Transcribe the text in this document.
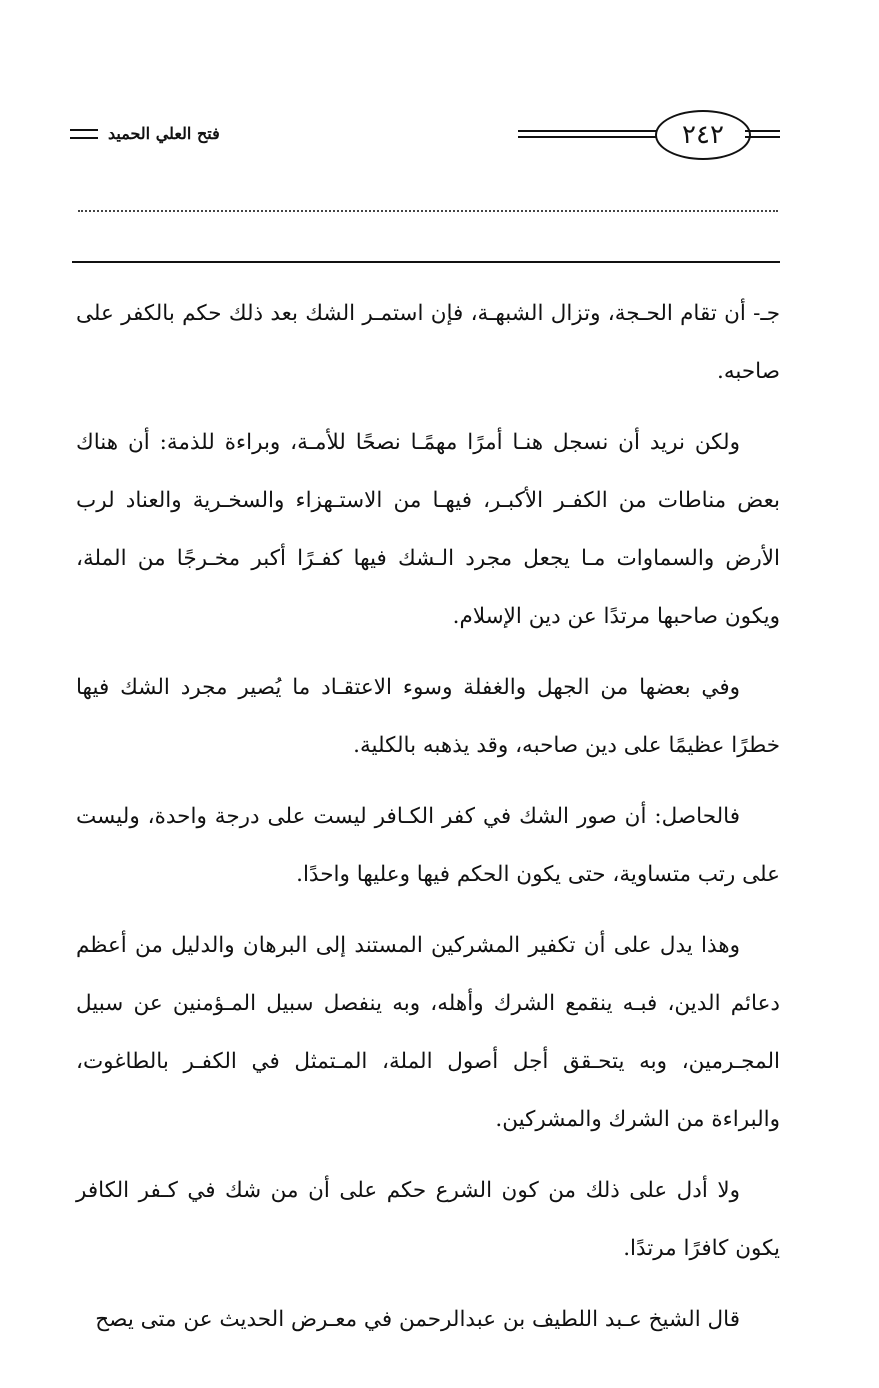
فتح العلي الحميد	٢٤٢

جـ- أن تقام الحـجة، وتزال الشبهـة، فإن استمـر الشك بعد ذلك حكم بالكفر على صاحبه.

ولكن نريد أن نسجل هنـا أمرًا مهمًـا نصحًا للأمـة، وبراءة للذمة: أن هناك بعض مناطات من الكفـر الأكبـر، فيهـا من الاستـهزاء والسخـرية والعناد لرب الأرض والسماوات مـا يجعل مجرد الـشك فيها كفـرًا أكبر مخـرجًا من الملة، ويكون صاحبها مرتدًا عن دين الإسلام.

وفي بعضها من الجهل والغفلة وسوء الاعتقـاد ما يُصير مجرد الشك فيها خطرًا عظيمًا على دين صاحبه، وقد يذهبه بالكلية.

فالحاصل: أن صور الشك في كفر الكـافر ليست على درجة واحدة، وليست على رتب متساوية، حتى يكون الحكم فيها وعليها واحدًا.

وهذا يدل على أن تكفير المشركين المستند إلى البرهان والدليل من أعظم دعائم الدين، فبـه ينقمع الشرك وأهله، وبه ينفصل سبيل المـؤمنين عن سبيل المجـرمين، وبه يتحـقق أجل أصول الملة، المـتمثل في الكفـر بالطاغوت، والبراءة من الشرك والمشركين.

ولا أدل على ذلك من كون الشرع حكم على أن من شك في كـفر الكافر يكون كافرًا مرتدًا.

قال الشيخ عـبد اللطيف بن عبدالرحمن في معـرض الحديث عن متى يصح
